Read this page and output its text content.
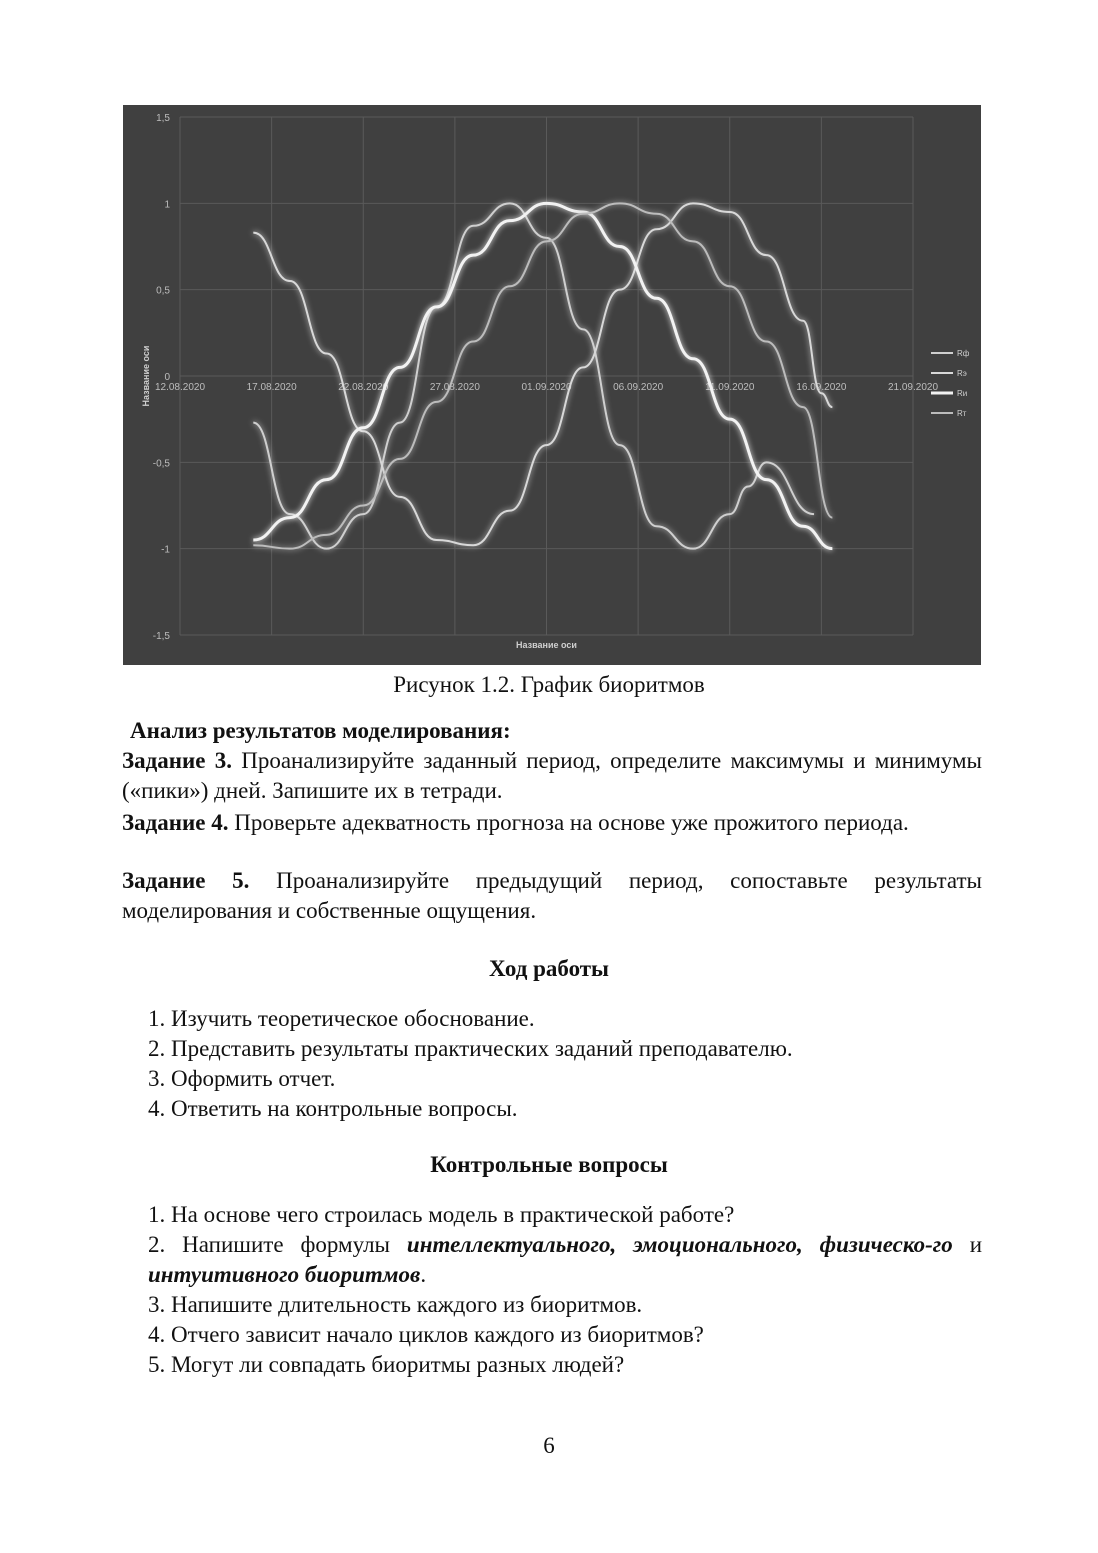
1,5
1
0,5
0
-0,5
-1
-1,5
12.08.2020	17.08.2020	22.08.2020	27.08.2020	01.09.2020	06.09.2020	11.09.2020	16.09.2020	21.09.2020
Название оси
Название оси	Rф
Rэ
Rи
Rт
Рисунок 1.2. График биоритмов
Анализ результатов моделирования:
Задание 3. Проанализируйте заданный период, определите максимумы и минимумы («пики») дней. Запишите их в тетради.
Задание 4. Проверьте адекватность прогноза на основе уже прожитого периода.
Задание 5. Проанализируйте предыдущий период, сопоставьте результаты моделирования и собственные ощущения.
Ход работы
1. Изучить теоретическое обоснование.
2. Представить результаты практических заданий преподавателю.
3. Оформить отчет.
4. Ответить на контрольные вопросы.
Контрольные вопросы
1. На основе чего строилась модель в практической работе?
2. Напишите формулы интеллектуального, эмоционального, физическо-го и интуитивного биоритмов.
3. Напишите длительность каждого из биоритмов.
4. Отчего зависит начало циклов каждого из биоритмов?
5. Могут ли совпадать биоритмы разных людей?
6
